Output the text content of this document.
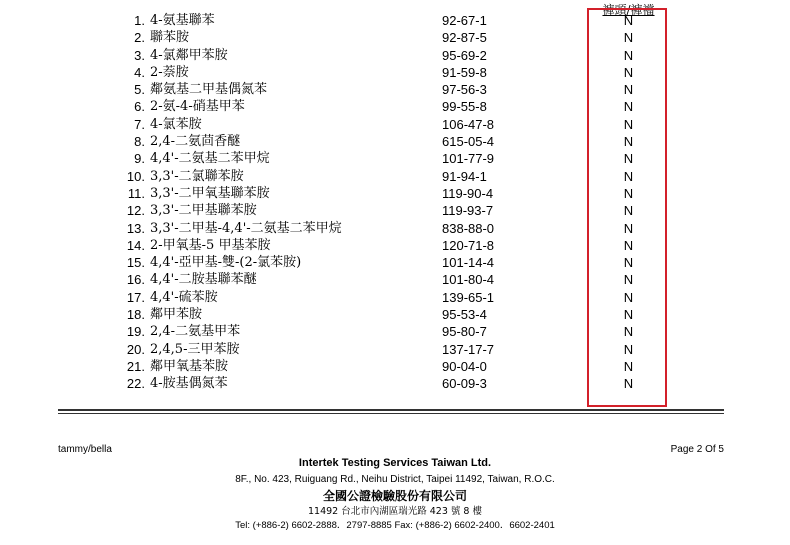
褲頭/褲襠
1. 4-氨基聯苯	92-67-1	N
2. 聯苯胺	92-87-5	N
3. 4-氯鄰甲苯胺	95-69-2	N
4. 2-萘胺	91-59-8	N
5. 鄰氨基二甲基偶氮苯	97-56-3	N
6. 2-氨-4-硝基甲苯	99-55-8	N
7. 4-氯苯胺	106-47-8	N
8. 2,4-二氨茴香醚	615-05-4	N
9. 4,4'-二氨基二苯甲烷	101-77-9	N
10. 3,3'-二氯聯苯胺	91-94-1	N
11. 3,3'-二甲氧基聯苯胺	119-90-4	N
12. 3,3'-二甲基聯苯胺	119-93-7	N
13. 3,3'-二甲基-4,4'-二氨基二苯甲烷	838-88-0	N
14. 2-甲氧基-5 甲基苯胺	120-71-8	N
15. 4,4'-亞甲基-雙-(2-氯苯胺)	101-14-4	N
16. 4,4'-二胺基聯苯醚	101-80-4	N
17. 4,4'-硫苯胺	139-65-1	N
18. 鄰甲苯胺	95-53-4	N
19. 2,4-二氨基甲苯	95-80-7	N
20. 2,4,5-三甲苯胺	137-17-7	N
21. 鄰甲氧基苯胺	90-04-0	N
22. 4-胺基偶氮苯	60-09-3	N
tammy/bella	Page 2 Of 5
Intertek Testing Services Taiwan Ltd.
8F., No. 423, Ruiguang Rd., Neihu District, Taipei 11492, Taiwan, R.O.C.
全國公證檢驗股份有限公司
11492 台北市內湖區瑞光路 423 號 8 樓
Tel: (+886-2) 6602-2888．2797-8885 Fax: (+886-2) 6602-2400．6602-2401
